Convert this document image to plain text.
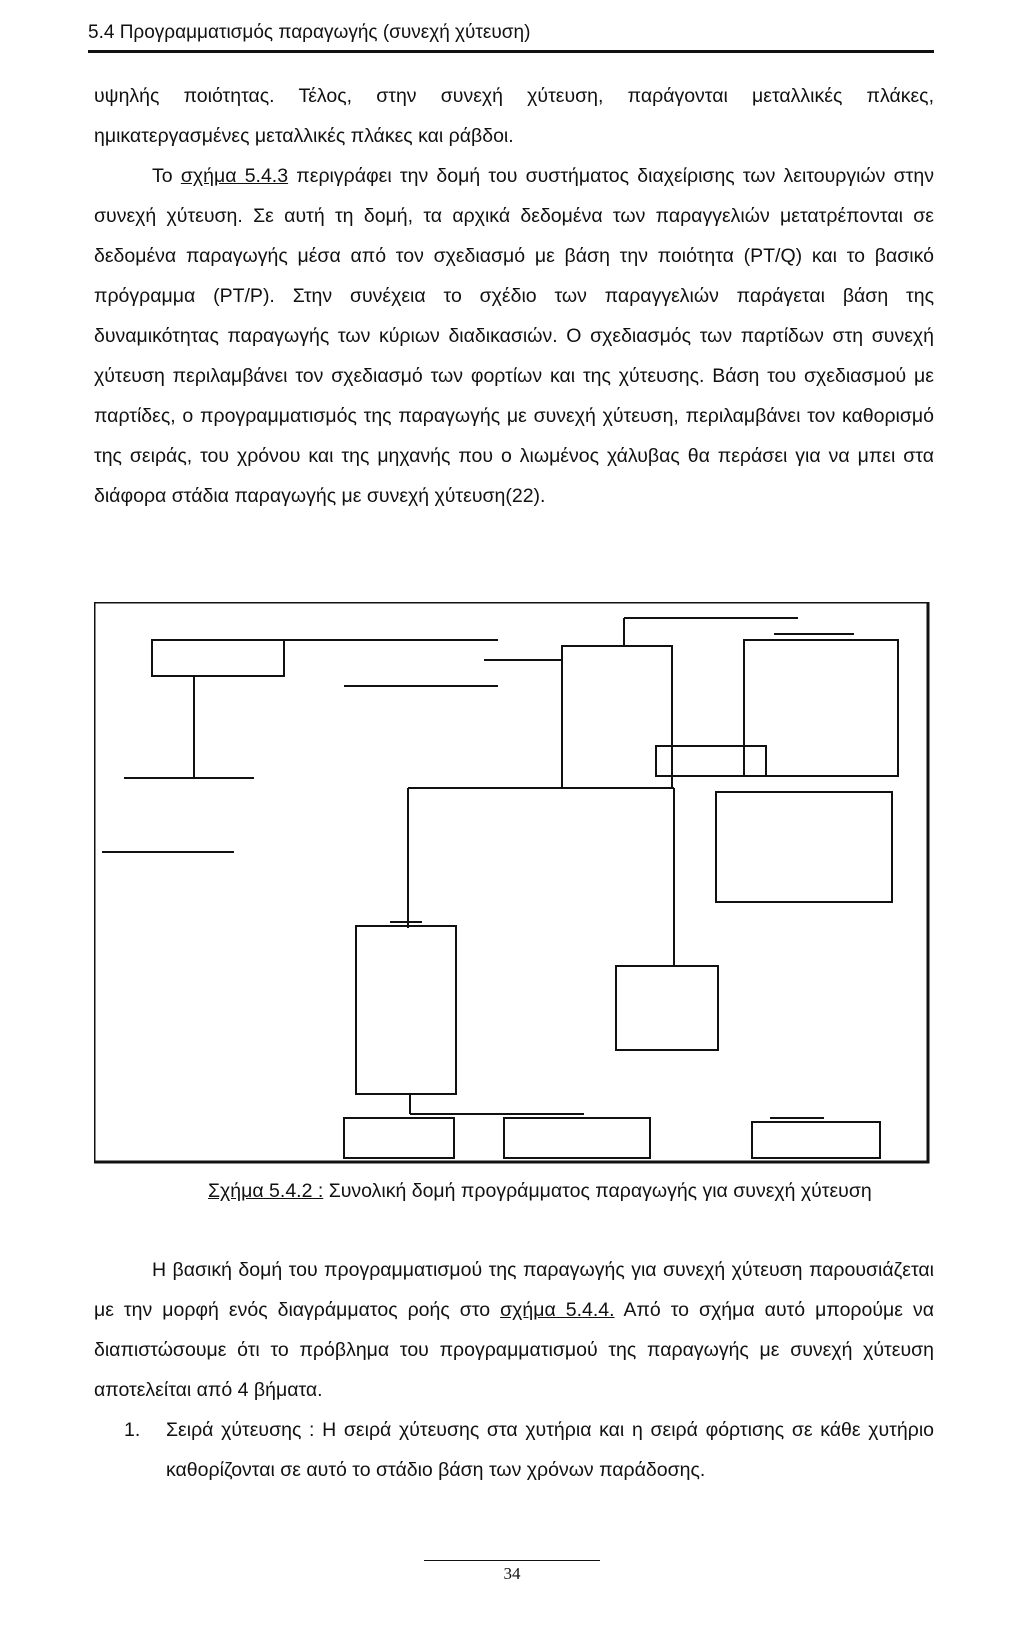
5.4 Προγραμματισμός παραγωγής (συνεχή χύτευση)

υψηλής ποιότητας. Τέλος, στην συνεχή χύτευση, παράγονται μεταλλικές πλάκες, ημικατεργασμένες μεταλλικές πλάκες και ράβδοι.

Το σχήμα 5.4.3 περιγράφει την δομή του συστήματος διαχείρισης των λειτουργιών στην συνεχή χύτευση. Σε αυτή τη δομή, τα αρχικά δεδομένα των παραγγελιών μετατρέπονται σε δεδομένα παραγωγής μέσα από τον σχεδιασμό με βάση την ποιότητα (PT/Q) και το βασικό πρόγραμμα (PT/P). Στην συνέχεια το σχέδιο των παραγγελιών παράγεται βάση της δυναμικότητας παραγωγής των κύριων διαδικασιών. Ο σχεδιασμός των παρτίδων στη συνεχή χύτευση περιλαμβάνει τον σχεδιασμό των φορτίων και της χύτευσης. Βάση του σχεδιασμού με παρτίδες, ο προγραμματισμός της παραγωγής με συνεχή χύτευση, περιλαμβάνει τον καθορισμό της σειράς, του χρόνου και της μηχανής που ο λιωμένος χάλυβας θα περάσει για να μπει στα διάφορα στάδια παραγωγής με συνεχή χύτευση(22).

Σχήμα 5.4.2 : Συνολική δομή προγράμματος παραγωγής για συνεχή χύτευση

Η βασική δομή του προγραμματισμού της παραγωγής για συνεχή χύτευση παρουσιάζεται με την μορφή ενός διαγράμματος ροής στο σχήμα 5.4.4. Από το σχήμα αυτό μπορούμε να διαπιστώσουμε ότι το πρόβλημα του προγραμματισμού της παραγωγής με συνεχή χύτευση αποτελείται από 4 βήματα.

1. Σειρά χύτευσης : Η σειρά χύτευσης στα χυτήρια και η σειρά φόρτισης σε κάθε χυτήριο καθορίζονται σε αυτό το στάδιο βάση των χρόνων παράδοσης.
34
